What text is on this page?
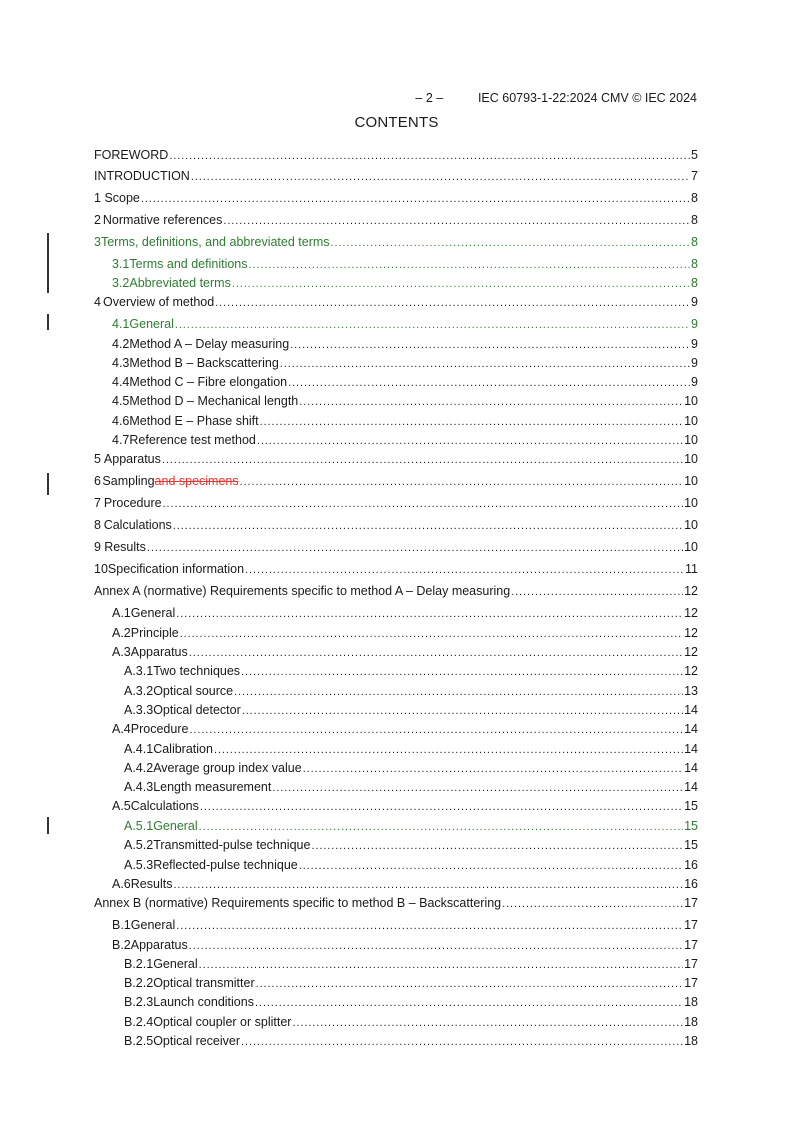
– 2 –	IEC 60793-1-22:2024 CMV © IEC 2024

CONTENTS
FOREWORD .....	5
INTRODUCTION .....	7
1 Scope .....	8
2 Normative references .....	8
3 Terms, definitions, and abbreviated terms .....	8
3.1 Terms and definitions .....	8
3.2 Abbreviated terms .....	8
4 Overview of method .....	9
4.1 General .....	9
4.2 Method A – Delay measuring .....	9
4.3 Method B – Backscattering .....	9
4.4 Method C – Fibre elongation .....	9
4.5 Method D – Mechanical length .....	10
4.6 Method E – Phase shift .....	10
4.7 Reference test method .....	10
5 Apparatus .....	10
6 Sampling and specimens .....	10
7 Procedure .....	10
8 Calculations .....	10
9 Results .....	10
10 Specification information .....	11
Annex A (normative) Requirements specific to method A – Delay measuring .....	12
A.1 General .....	12
A.2 Principle .....	12
A.3 Apparatus .....	12
A.3.1 Two techniques .....	12
A.3.2 Optical source .....	13
A.3.3 Optical detector .....	14
A.4 Procedure .....	14
A.4.1 Calibration .....	14
A.4.2 Average group index value .....	14
A.4.3 Length measurement .....	14
A.5 Calculations .....	15
A.5.1 General .....	15
A.5.2 Transmitted-pulse technique .....	15
A.5.3 Reflected-pulse technique .....	16
A.6 Results .....	16
Annex B (normative) Requirements specific to method B – Backscattering .....	17
B.1 General .....	17
B.2 Apparatus .....	17
B.2.1 General .....	17
B.2.2 Optical transmitter .....	17
B.2.3 Launch conditions .....	18
B.2.4 Optical coupler or splitter .....	18
B.2.5 Optical receiver .....	18
